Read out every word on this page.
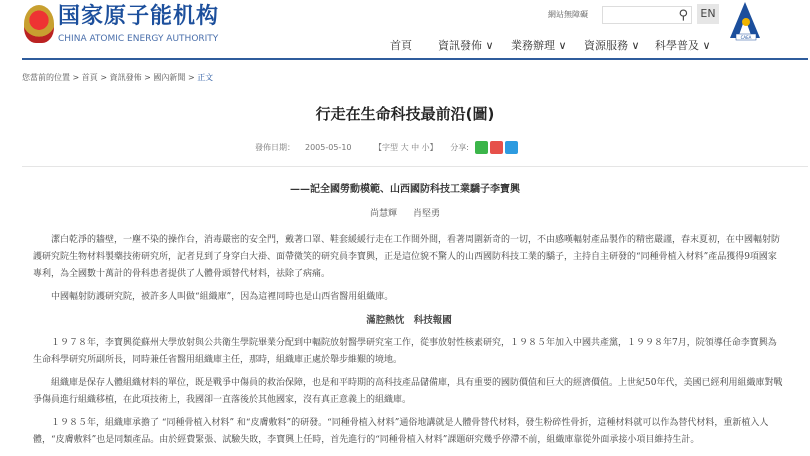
国家原子能机构
CHINA ATOMIC ENERGY AUTHORITY
網站無障礙	⚲	EN
CAEA
首頁 資訊發佈 ∨ 業務辦理 ∨ 資源服務 ∨ 科學普及 ∨
您當前的位置 > 首頁 > 資訊發佈 > 國內新聞 > 正文
行走在生命科技最前沿(圖)
發佈日期： 2005-05-10	【字型 大 中 小】 分享:
——記全國勞動模範、山西國防科技工業驕子李寶興
尚慧輝 肖堅勇

潔白乾淨的牆壁，一塵不染的操作台，消毒嚴密的安全門，戴著口罩、鞋套緩緩行走在工作間外間，看著周圍新奇的一切，不由感嘆輻射產品製作的精密嚴謹，春末夏初，在中國輻射防護研究院生物材料製藥技術研究所，記者見到了身穿白大褂、面帶微笑的研究員李寶興，正是這位貌不驚人的山西國防科技工業的驕子，主持自主研發的“同種骨植入材料”產品獲得9項國家專利，為全國數十萬計的骨科患者提供了人體骨頭替代材料，祛除了病痛。

中國輻射防護研究院，被許多人叫做“組織庫”，因為這裡同時也是山西省醫用組織庫。

滿腔熱忱　科技報國

１９７８年，李寶興從蘇州大學放射與公共衛生學院畢業分配到中輻院放射醫學研究室工作，從事放射性核素研究，１９８５年加入中國共產黨，１９９８年7月，院領導任命李寶興為生命科學研究所副所長，同時兼任省醫用組織庫主任，那時，組織庫正處於舉步維艱的境地。

組織庫是保存人體組織材料的單位，既是戰爭中傷員的救治保障，也是和平時期的高科技產品儲備庫，具有重要的國防價值和巨大的經濟價值。上世紀50年代，美國已經利用組織庫對戰爭傷員進行組織移植，在此項技術上，我國卻一直落後於其他國家，沒有真正意義上的組織庫。

１９８５年，組織庫承擔了 “同種骨植入材料” 和“皮膚敷料”的研發。“同種骨植入材料”通俗地講就是人體骨替代材料，發生粉碎性骨折，這種材料就可以作為替代材料，重新植入人體，“皮膚敷料”也是同類產品。由於經費緊張、試驗失敗，李寶興上任時，首先進行的“同種骨植入材料”課題研究幾乎停滯不前，組織庫靠從外面承接小項目維持生計。
